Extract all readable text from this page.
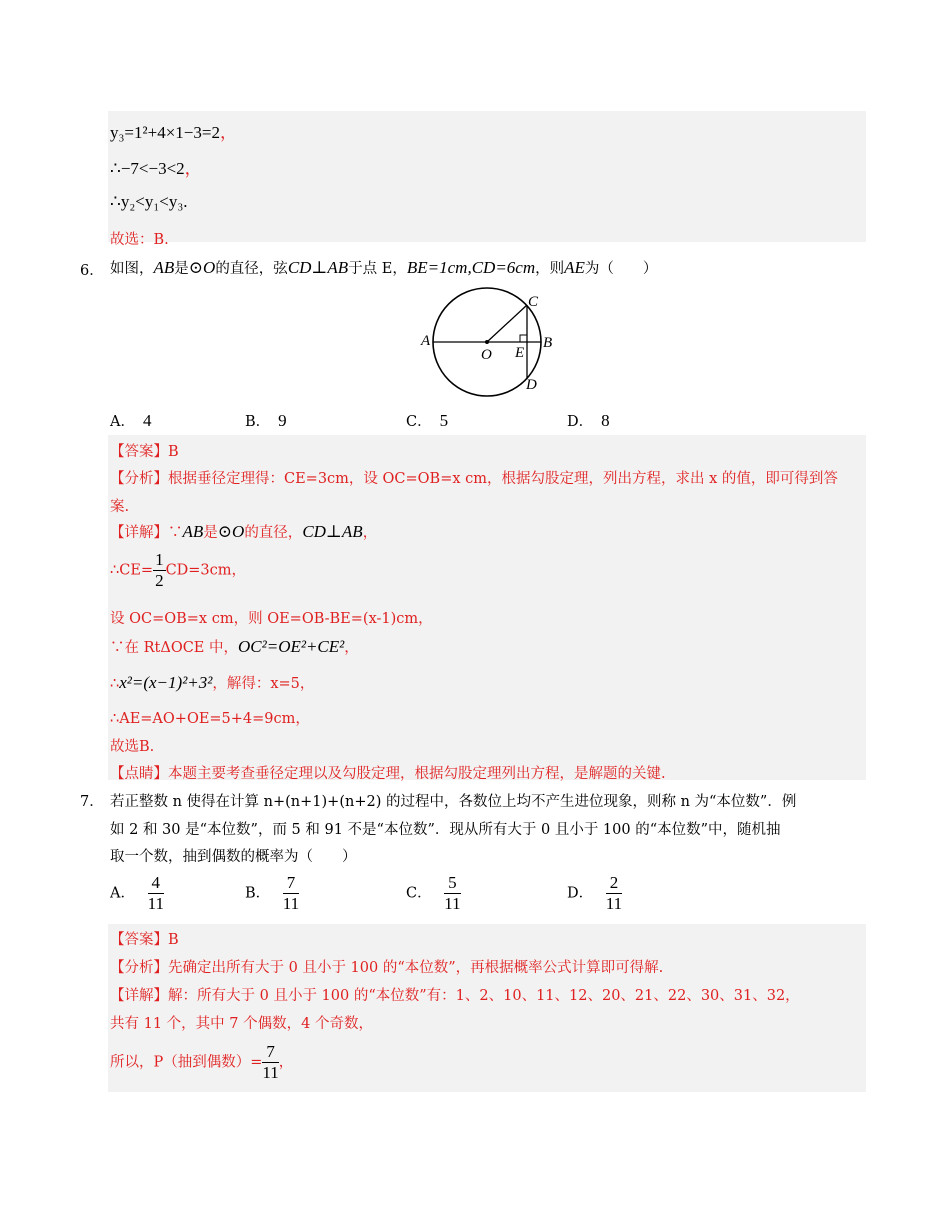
y₃=1²+4×1−3=2，
∴−7<−3<2，
∴y₂<y₁<y₃.
故选：B.
6． 如图，AB是⊙O的直径，弦CD⊥AB于点 E，BE=1cm,CD=6cm，则AE为（　　）
A
O E
B
C
D
A． 4	B． 9	C． 5	D． 8
【答案】B
【分析】根据垂径定理得：CE=3cm，设 OC=OB=x cm，根据勾股定理，列出方程，求出 x 的值，即可得到答
案.
【详解】∵AB是⊙O的直径，CD⊥AB，
∴CE= $\frac{1}{2} CD=3cm$，
设 OC=OB=x cm，则 OE=OB-BE=(x-1)cm，
∵在 RtΔOCE 中，OC²=OE²+CE²，
∴x²=(x−1)²+3²，解得：x=5，
∴AE=AO+OE=5+4=9cm，
故选B.
【点睛】本题主要考查垂径定理以及勾股定理，根据勾股定理列出方程，是解题的关键.
7． 若正整数 n 使得在计算 n+(n+1)+(n+2) 的过程中，各数位上均不产生进位现象，则称 n 为“本位数”．例
如 2 和 30 是“本位数”，而 5 和 91 不是“本位数”．现从所有大于 0 且小于 100 的“本位数”中，随机抽
取一个数，抽到偶数的概率为（　　）
A． $\frac{4}{11}$	B． $\frac{7}{11}$	C． $\frac{5}{11}$	D． $\frac{2}{11}$
【答案】B
【分析】先确定出所有大于 0 且小于 100 的“本位数”，再根据概率公式计算即可得解.
【详解】解：所有大于 0 且小于 100 的“本位数”有：1、2、10、11、12、20、21、22、30、31、32，
共有 11 个，其中 7 个偶数，4 个奇数，
所以，P（抽到偶数）= $\frac{7}{11}$ ，
